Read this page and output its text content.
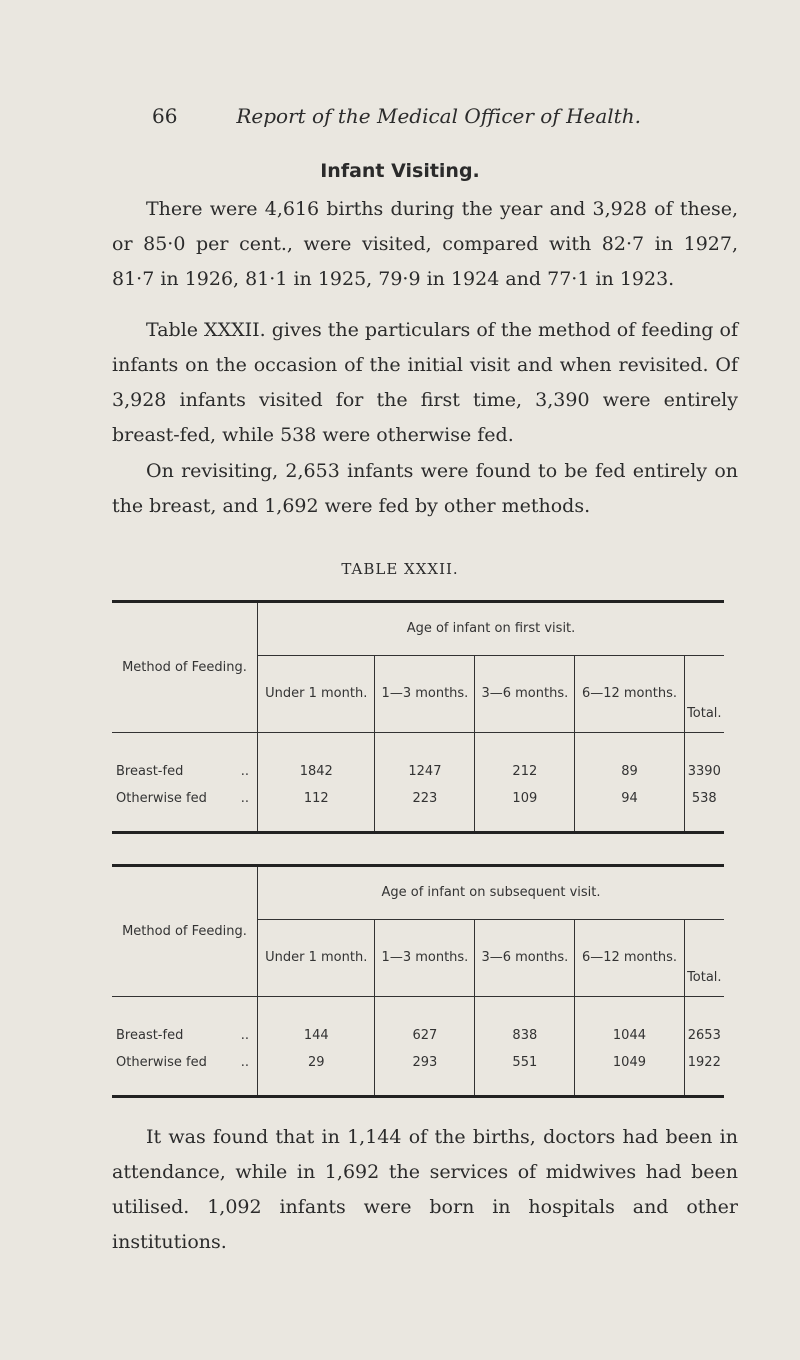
66	Report of the Medical Officer of Health.
Infant Visiting.

There were 4,616 births during the year and 3,928 of these, or 85·0 per cent., were visited, compared with 82·7 in 1927, 81·7 in 1926, 81·1 in 1925, 79·9 in 1924 and 77·1 in 1923.

Table XXXII. gives the particulars of the method of feeding of infants on the occasion of the initial visit and when revisited. Of 3,928 infants visited for the first time, 3,390 were entirely breast-fed, while 538 were otherwise fed.

On revisiting, 2,653 infants were found to be fed entirely on the breast, and 1,692 were fed by other methods.

TABLE XXXII.
Method of Feeding.	Age of infant on first visit.				
	Under 1 month.	1—3 months.	3—6 months.	6—12 months.	Total.
Breast-fed ..	1842	1247	212	89	3390
Otherwise fed ..	112	223	109	94	538
Method of Feeding.	Age of infant on subsequent visit.				
	Under 1 month.	1—3 months.	3—6 months.	6—12 months.	Total.
Breast-fed ..	144	627	838	1044	2653
Otherwise fed ..	29	293	551	1049	1922

It was found that in 1,144 of the births, doctors had been in attendance, while in 1,692 the services of midwives had been utilised. 1,092 infants were born in hospitals and other institutions.
